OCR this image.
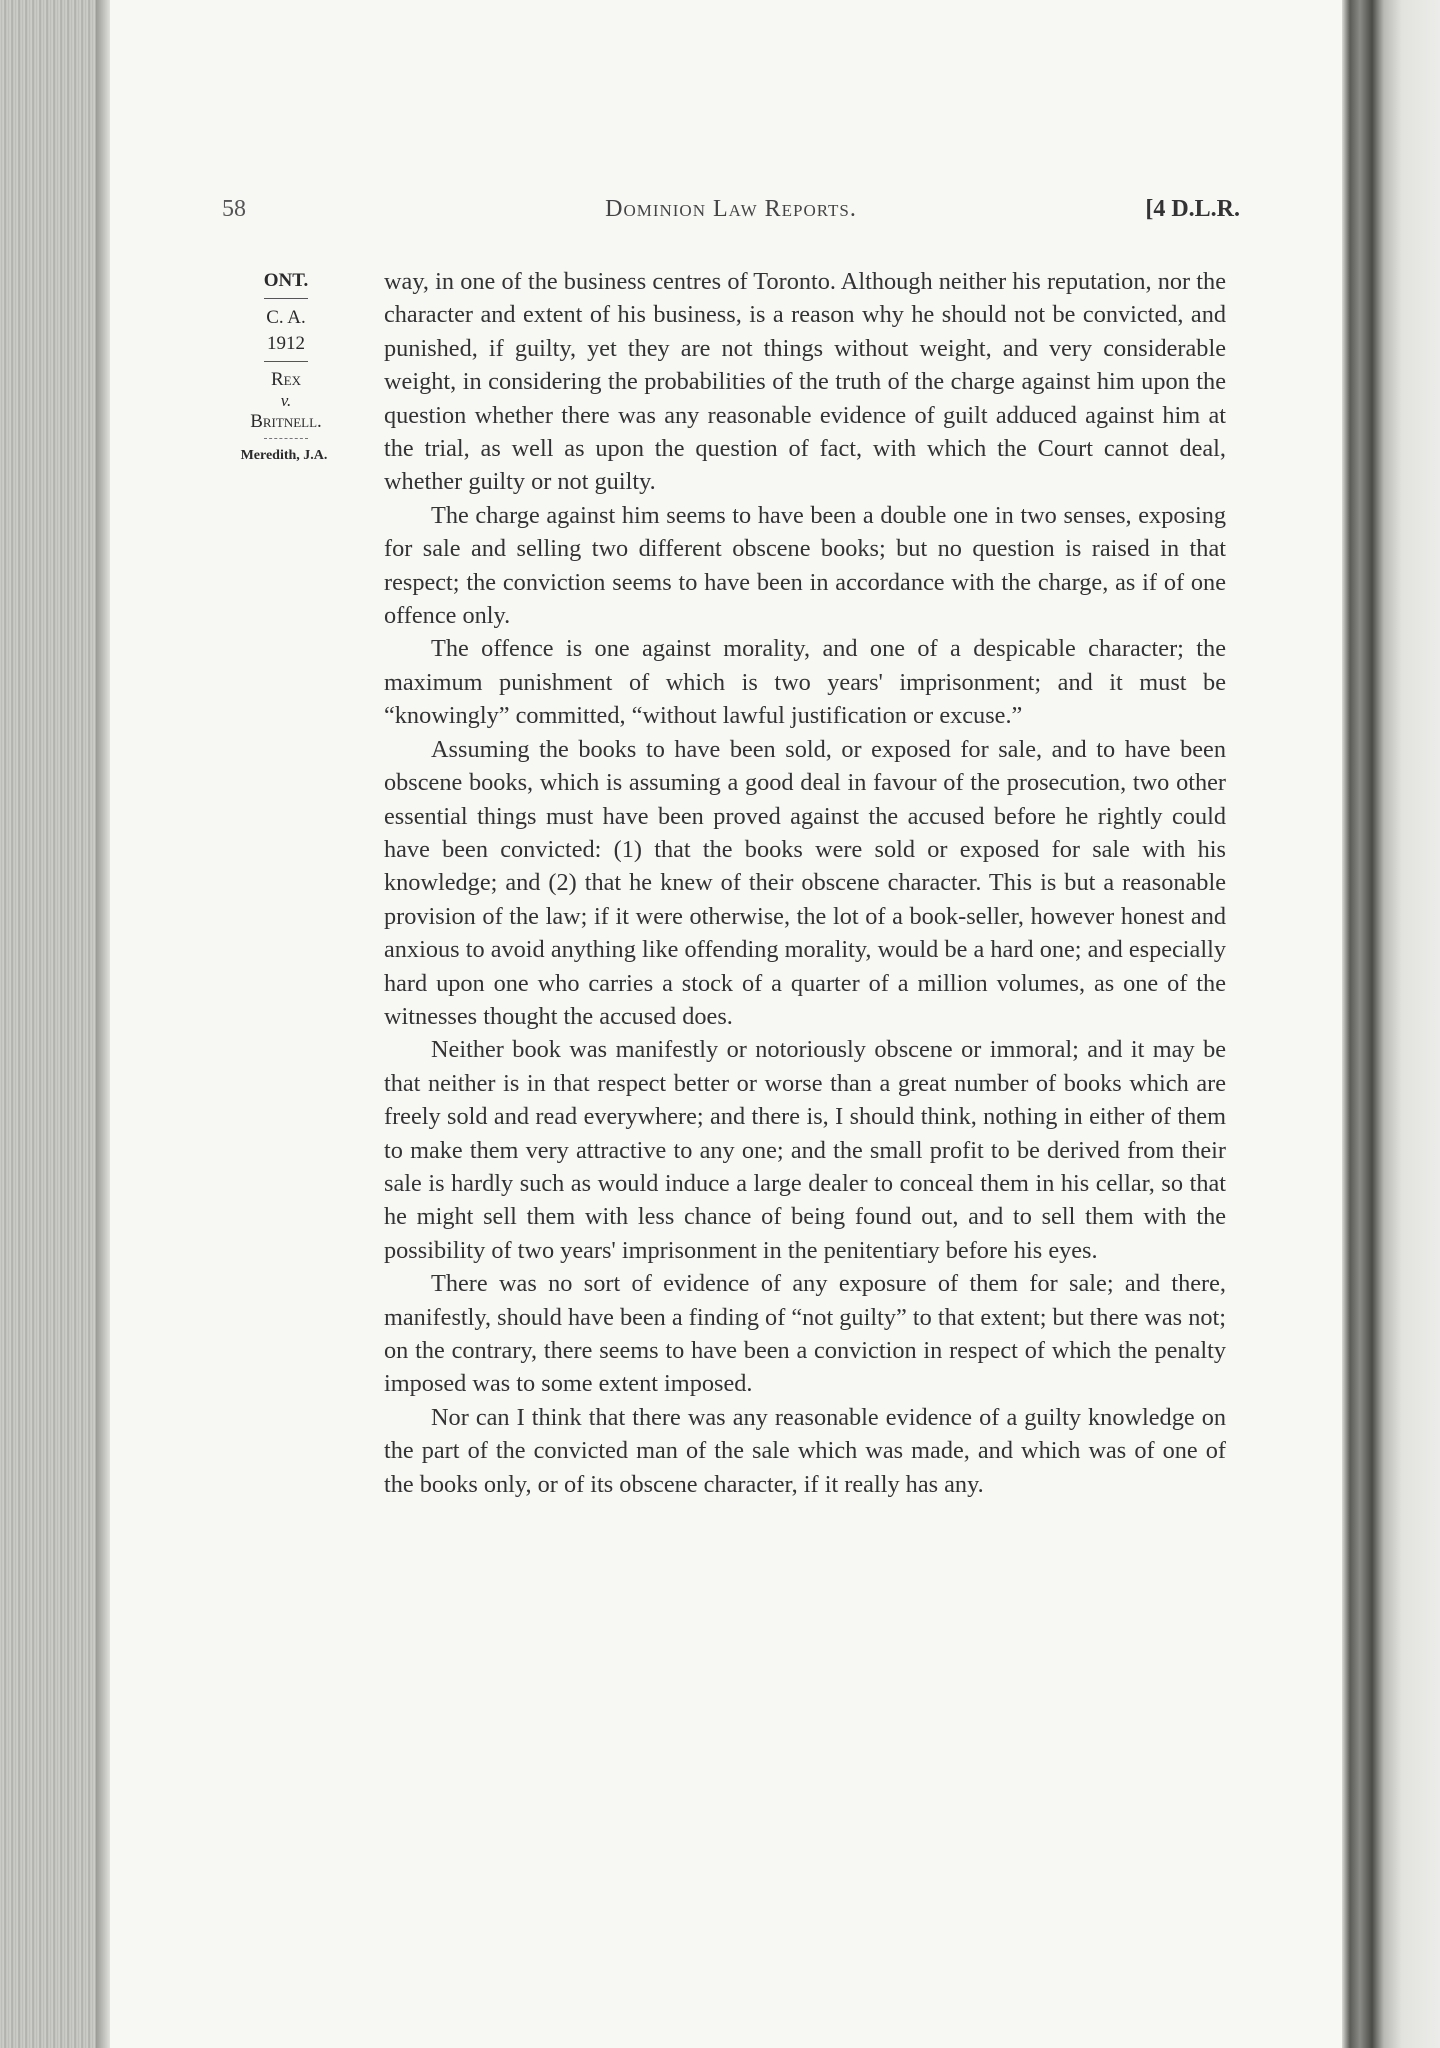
58	Dominion Law Reports.	[4 D.L.R.
ONT.
C. A.
1912
Rex
v.
Britnell.
Meredith, J.A.

way, in one of the business centres of Toronto. Although neither his reputation, nor the character and extent of his business, is a reason why he should not be convicted, and punished, if guilty, yet they are not things without weight, and very considerable weight, in considering the probabilities of the truth of the charge against him upon the question whether there was any reasonable evidence of guilt adduced against him at the trial, as well as upon the question of fact, with which the Court cannot deal, whether guilty or not guilty.

The charge against him seems to have been a double one in two senses, exposing for sale and selling two different obscene books; but no question is raised in that respect; the conviction seems to have been in accordance with the charge, as if of one offence only.

The offence is one against morality, and one of a despicable character; the maximum punishment of which is two years' imprisonment; and it must be “knowingly” committed, “without lawful justification or excuse.”

Assuming the books to have been sold, or exposed for sale, and to have been obscene books, which is assuming a good deal in favour of the prosecution, two other essential things must have been proved against the accused before he rightly could have been convicted: (1) that the books were sold or exposed for sale with his knowledge; and (2) that he knew of their obscene character. This is but a reasonable provision of the law; if it were otherwise, the lot of a book-seller, however honest and anxious to avoid anything like offending morality, would be a hard one; and especially hard upon one who carries a stock of a quarter of a million volumes, as one of the witnesses thought the accused does.

Neither book was manifestly or notoriously obscene or immoral; and it may be that neither is in that respect better or worse than a great number of books which are freely sold and read everywhere; and there is, I should think, nothing in either of them to make them very attractive to any one; and the small profit to be derived from their sale is hardly such as would induce a large dealer to conceal them in his cellar, so that he might sell them with less chance of being found out, and to sell them with the possibility of two years' imprisonment in the penitentiary before his eyes.

There was no sort of evidence of any exposure of them for sale; and there, manifestly, should have been a finding of “not guilty” to that extent; but there was not; on the contrary, there seems to have been a conviction in respect of which the penalty imposed was to some extent imposed.

Nor can I think that there was any reasonable evidence of a guilty knowledge on the part of the convicted man of the sale which was made, and which was of one of the books only, or of its obscene character, if it really has any.
